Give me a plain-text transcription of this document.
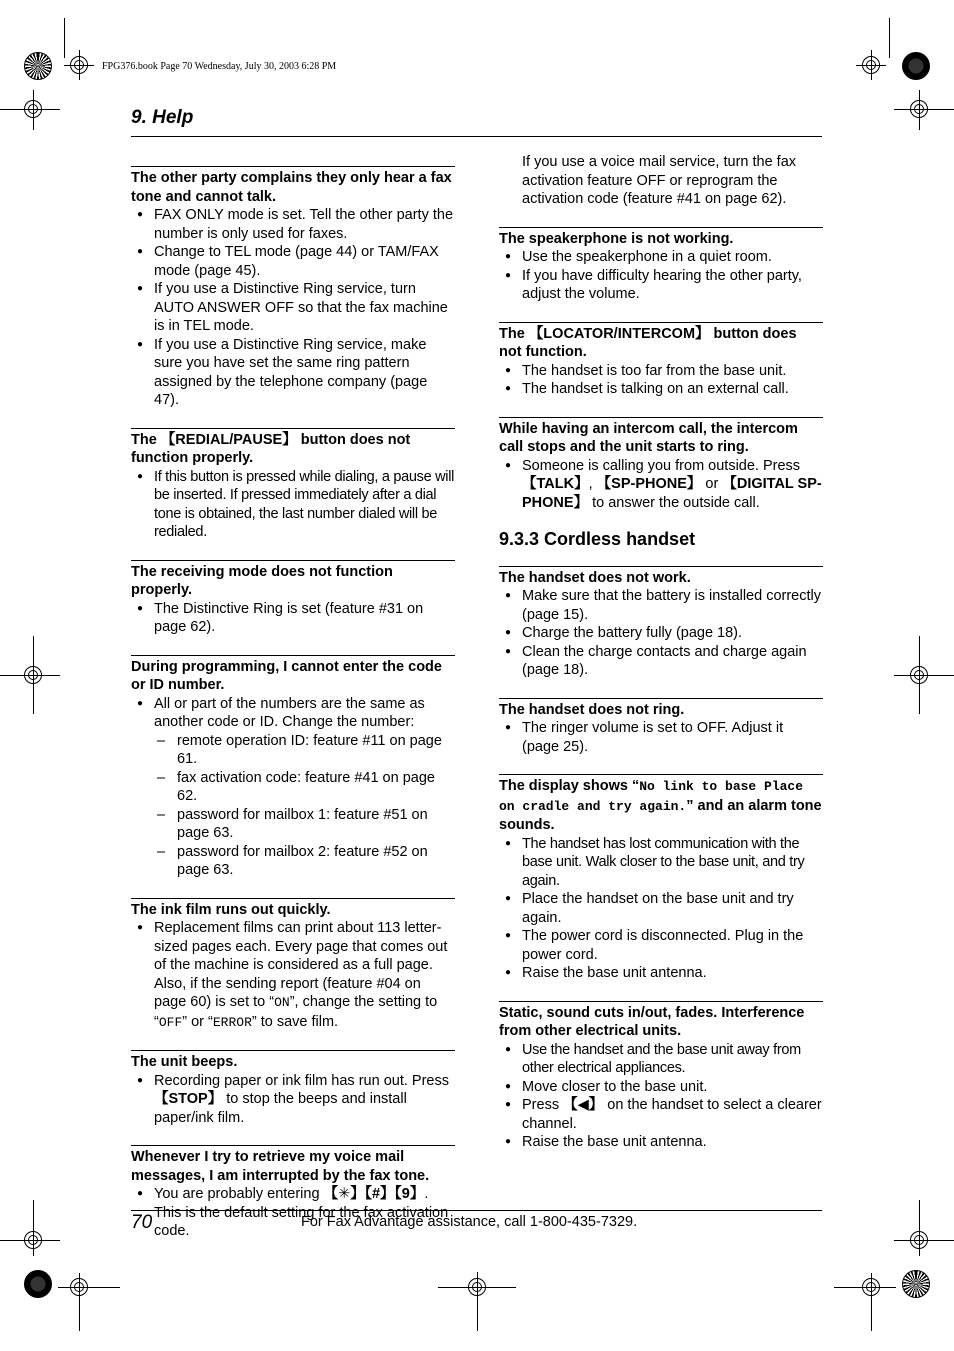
FPG376.book Page 70 Wednesday, July 30, 2003 6:28 PM
9. Help

The other party complains they only hear a fax tone and cannot talk.

● FAX ONLY mode is set. Tell the other party the number is only used for faxes.
● Change to TEL mode (page 44) or TAM/FAX mode (page 45).
● If you use a Distinctive Ring service, turn AUTO ANSWER OFF so that the fax machine is in TEL mode.
● If you use a Distinctive Ring service, make sure you have set the same ring pattern assigned by the telephone company (page 47).

The 【REDIAL/PAUSE】 button does not function properly.

● If this button is pressed while dialing, a pause will be inserted. If pressed immediately after a dial tone is obtained, the last number dialed will be redialed.

The receiving mode does not function properly.

● The Distinctive Ring is set (feature #31 on page 62).

During programming, I cannot enter the code or ID number.

● All or part of the numbers are the same as another code or ID. Change the number:
– remote operation ID: feature #11 on page 61.
– fax activation code: feature #41 on page 62.
– password for mailbox 1: feature #51 on page 63.
– password for mailbox 2: feature #52 on page 63.

The ink film runs out quickly.

● Replacement films can print about 113 letter-sized pages each. Every page that comes out of the machine is considered as a full page. Also, if the sending report (feature #04 on page 60) is set to “ON”, change the setting to “OFF” or “ERROR” to save film.

The unit beeps.

● Recording paper or ink film has run out. Press 【STOP】 to stop the beeps and install paper/ink film.

Whenever I try to retrieve my voice mail messages, I am interrupted by the fax tone.

● You are probably entering 【✳】【#】【9】. This is the default setting for the fax activation code.

If you use a voice mail service, turn the fax activation feature OFF or reprogram the activation code (feature #41 on page 62).

The speakerphone is not working.

● Use the speakerphone in a quiet room.
● If you have difficulty hearing the other party, adjust the volume.

The 【LOCATOR/INTERCOM】 button does not function.

● The handset is too far from the base unit.
● The handset is talking on an external call.

While having an intercom call, the intercom call stops and the unit starts to ring.

● Someone is calling you from outside. Press 【TALK】, 【SP-PHONE】 or 【DIGITAL SP-PHONE】 to answer the outside call.
9.3.3 Cordless handset

The handset does not work.

● Make sure that the battery is installed correctly (page 15).
● Charge the battery fully (page 18).
● Clean the charge contacts and charge again (page 18).

The handset does not ring.

● The ringer volume is set to OFF. Adjust it (page 25).

The display shows “No link to base Place on cradle and try again.” and an alarm tone sounds.

● The handset has lost communication with the base unit. Walk closer to the base unit, and try again.
● Place the handset on the base unit and try again.
● The power cord is disconnected. Plug in the power cord.
● Raise the base unit antenna.

Static, sound cuts in/out, fades. Interference from other electrical units.

● Use the handset and the base unit away from other electrical appliances.
● Move closer to the base unit.
● Press 【◀】 on the handset to select a clearer channel.
● Raise the base unit antenna.
70	For Fax Advantage assistance, call 1-800-435-7329.
